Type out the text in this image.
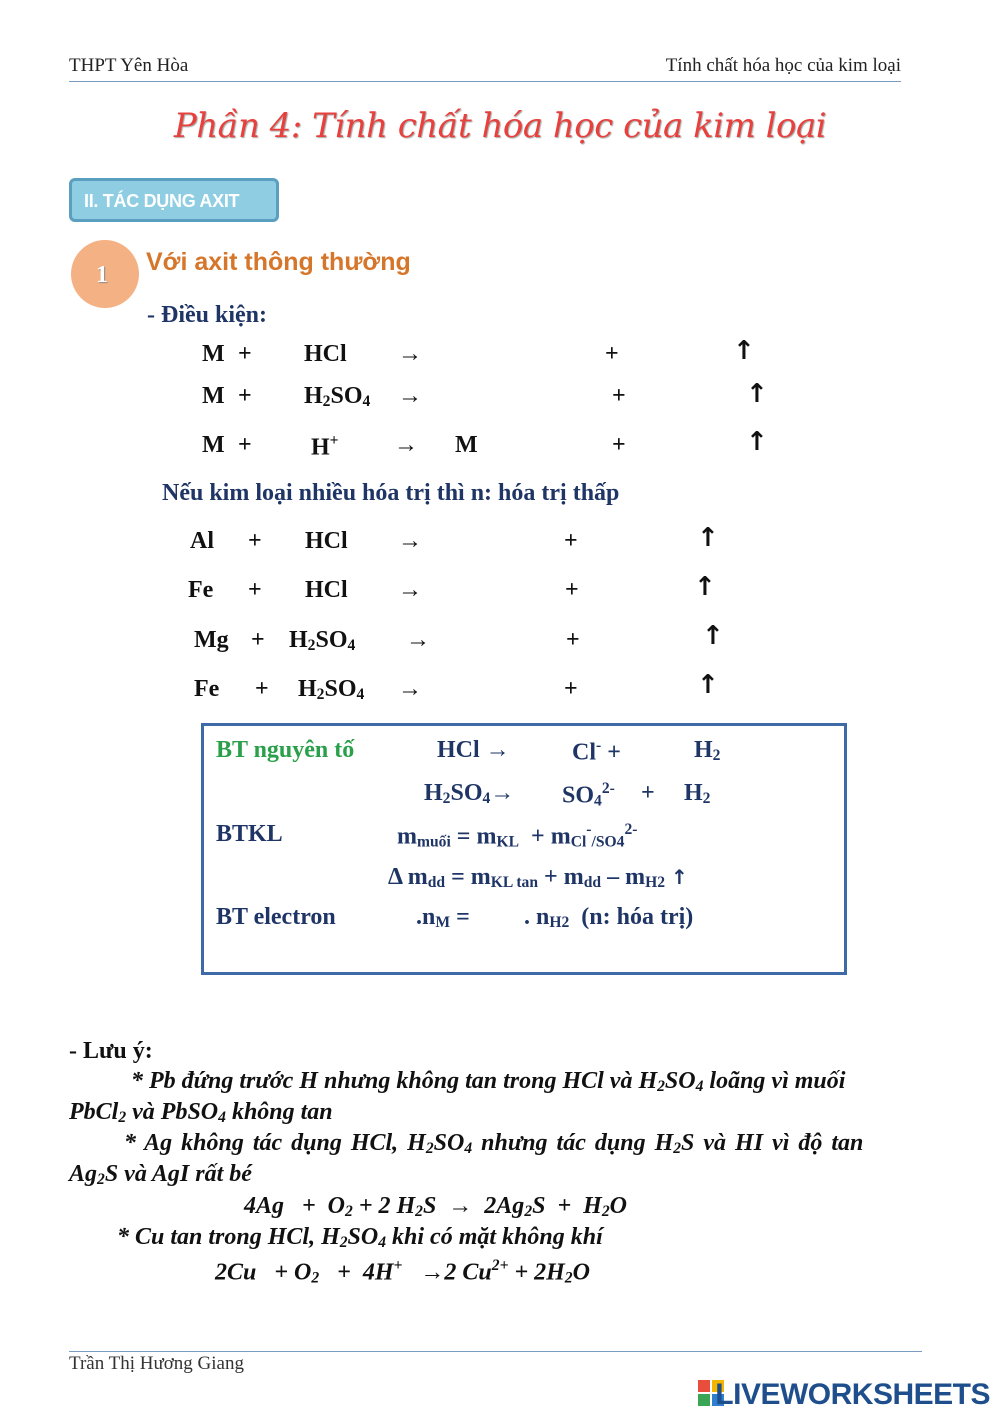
THPT Yên Hòa	Tính chất hóa học của kim loại
Phần 4: Tính chất hóa học của kim loại
II. TÁC DỤNG AXIT
1 Với axit thông thường
- Điều kiện:
M + HCl →	+	↑
$M + H_2SO_4$ →	+	↑
M + H+ → M	+	↑
Nếu kim loại nhiều hóa trị thì n: hóa trị thấp
Al + HCl →	+	↑
Fe + HCl →	+	↑
$Mg + H_2SO_4$ →	+	↑
$Fe + H_2SO_4$ →	+	↑
BT nguyên tố	HCl →	Cl- +	$H_2$
$H_2SO_4\to SO_4^{2-} + H_2$
BTKL	$m_{muối} = m_{KL} + m_{Cl}^-_{/SO4}^{2-}$
Δ $m_{dd} = m_{KL tan} + m_{dd} - m_{H2}$ ↑
BT electron	$.n_M$ = . $n_{H2}$ (n: hóa trị)
- Lưu ý:
* Pb đứng trước H nhưng không tan trong HCl và $H_2SO_4$ loãng vì muối
PbCl$_2$ và PbSO$_4$ không tan
* Ag không tác dụng HCl, $H_2SO_4$ nhưng tác dụng $H_2S$ và HI vì độ tan
$Ag_2S$ và AgI rất bé
$4Ag + O_2 + 2$ $H_2S \to 2Ag_2S + H_2O$
* Cu tan trong HCl, $H_2SO_4$ khi có mặt không khí
$2Cu + O_2 + 4H^+ \to 2$ $Cu^{2+} + 2H_2O$
Trần Thị Hương Giang
LIVEWORKSHEETS
